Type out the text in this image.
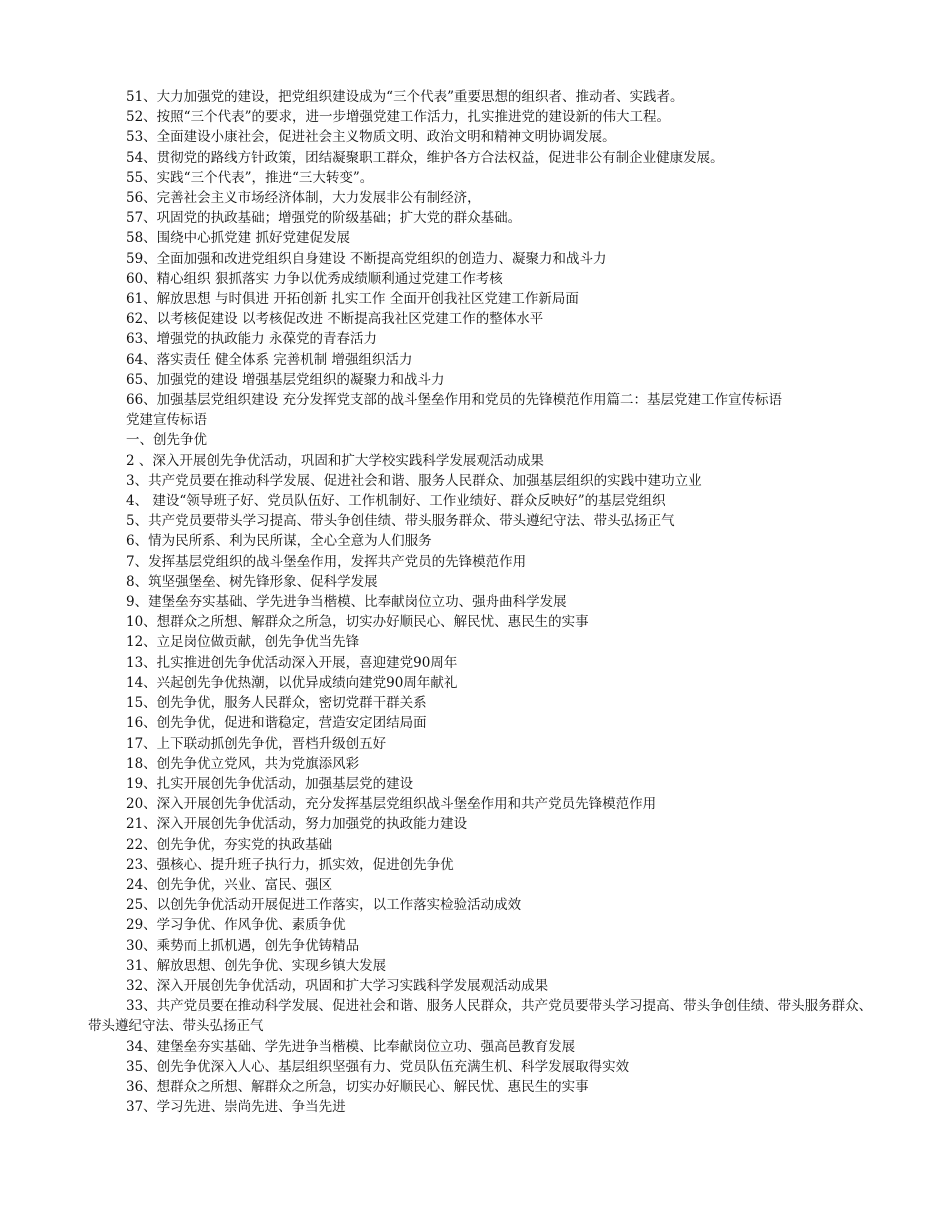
51、大力加强党的建设，把党组织建设成为“三个代表”重要思想的组织者、推动者、实践者。
52、按照“三个代表”的要求，进一步增强党建工作活力，扎实推进党的建设新的伟大工程。
53、全面建设小康社会，促进社会主义物质文明、政治文明和精神文明协调发展。
54、贯彻党的路线方针政策，团结凝聚职工群众，维护各方合法权益，促进非公有制企业健康发展。
55、实践“三个代表”，推进“三大转变”。
56、完善社会主义市场经济体制，大力发展非公有制经济，
57、巩固党的执政基础；增强党的阶级基础；扩大党的群众基础。
58、围绕中心抓党建 抓好党建促发展
59、全面加强和改进党组织自身建设 不断提高党组织的创造力、凝聚力和战斗力
60、精心组织 狠抓落实 力争以优秀成绩顺利通过党建工作考核
61、解放思想 与时俱进 开拓创新 扎实工作 全面开创我社区党建工作新局面
62、以考核促建设 以考核促改进 不断提高我社区党建工作的整体水平
63、增强党的执政能力 永葆党的青春活力
64、落实责任 健全体系 完善机制 增强组织活力
65、加强党的建设 增强基层党组织的凝聚力和战斗力
66、加强基层党组织建设 充分发挥党支部的战斗堡垒作用和党员的先锋模范作用篇二：基层党建工作宣传标语
党建宣传标语
一、创先争优
2 、深入开展创先争优活动，巩固和扩大学校实践科学发展观活动成果
3、共产党员要在推动科学发展、促进社会和谐、服务人民群众、加强基层组织的实践中建功立业
4、 建设“领导班子好、党员队伍好、工作机制好、工作业绩好、群众反映好”的基层党组织
5、共产党员要带头学习提高、带头争创佳绩、带头服务群众、带头遵纪守法、带头弘扬正气
6、情为民所系、利为民所谋，全心全意为人们服务
7、发挥基层党组织的战斗堡垒作用，发挥共产党员的先锋模范作用
8、筑坚强堡垒、树先锋形象、促科学发展
9、建堡垒夯实基础、学先进争当楷模、比奉献岗位立功、强舟曲科学发展
10、想群众之所想、解群众之所急，切实办好顺民心、解民忧、惠民生的实事
12、立足岗位做贡献，创先争优当先锋
13、扎实推进创先争优活动深入开展，喜迎建党90周年
14、兴起创先争优热潮，以优异成绩向建党90周年献礼
15、创先争优，服务人民群众，密切党群干群关系
16、创先争优，促进和谐稳定，营造安定团结局面
17、上下联动抓创先争优，晋档升级创五好
18、创先争优立党风，共为党旗添风彩
19、扎实开展创先争优活动，加强基层党的建设
20、深入开展创先争优活动，充分发挥基层党组织战斗堡垒作用和共产党员先锋模范作用
21、深入开展创先争优活动，努力加强党的执政能力建设
22、创先争优，夯实党的执政基础
23、强核心、提升班子执行力，抓实效，促进创先争优
24、创先争优，兴业、富民、强区
25、以创先争优活动开展促进工作落实，以工作落实检验活动成效
29、学习争优、作风争优、素质争优
30、乘势而上抓机遇，创先争优铸精品
31、解放思想、创先争优、实现乡镇大发展
32、深入开展创先争优活动，巩固和扩大学习实践科学发展观活动成果
33、共产党员要在推动科学发展、促进社会和谐、服务人民群众，共产党员要带头学习提高、带头争创佳绩、带头服务群众、带头遵纪守法、带头弘扬正气
34、建堡垒夯实基础、学先进争当楷模、比奉献岗位立功、强高邑教育发展
35、创先争优深入人心、基层组织坚强有力、党员队伍充满生机、科学发展取得实效
36、想群众之所想、解群众之所急，切实办好顺民心、解民忧、惠民生的实事
37、学习先进、崇尚先进、争当先进
